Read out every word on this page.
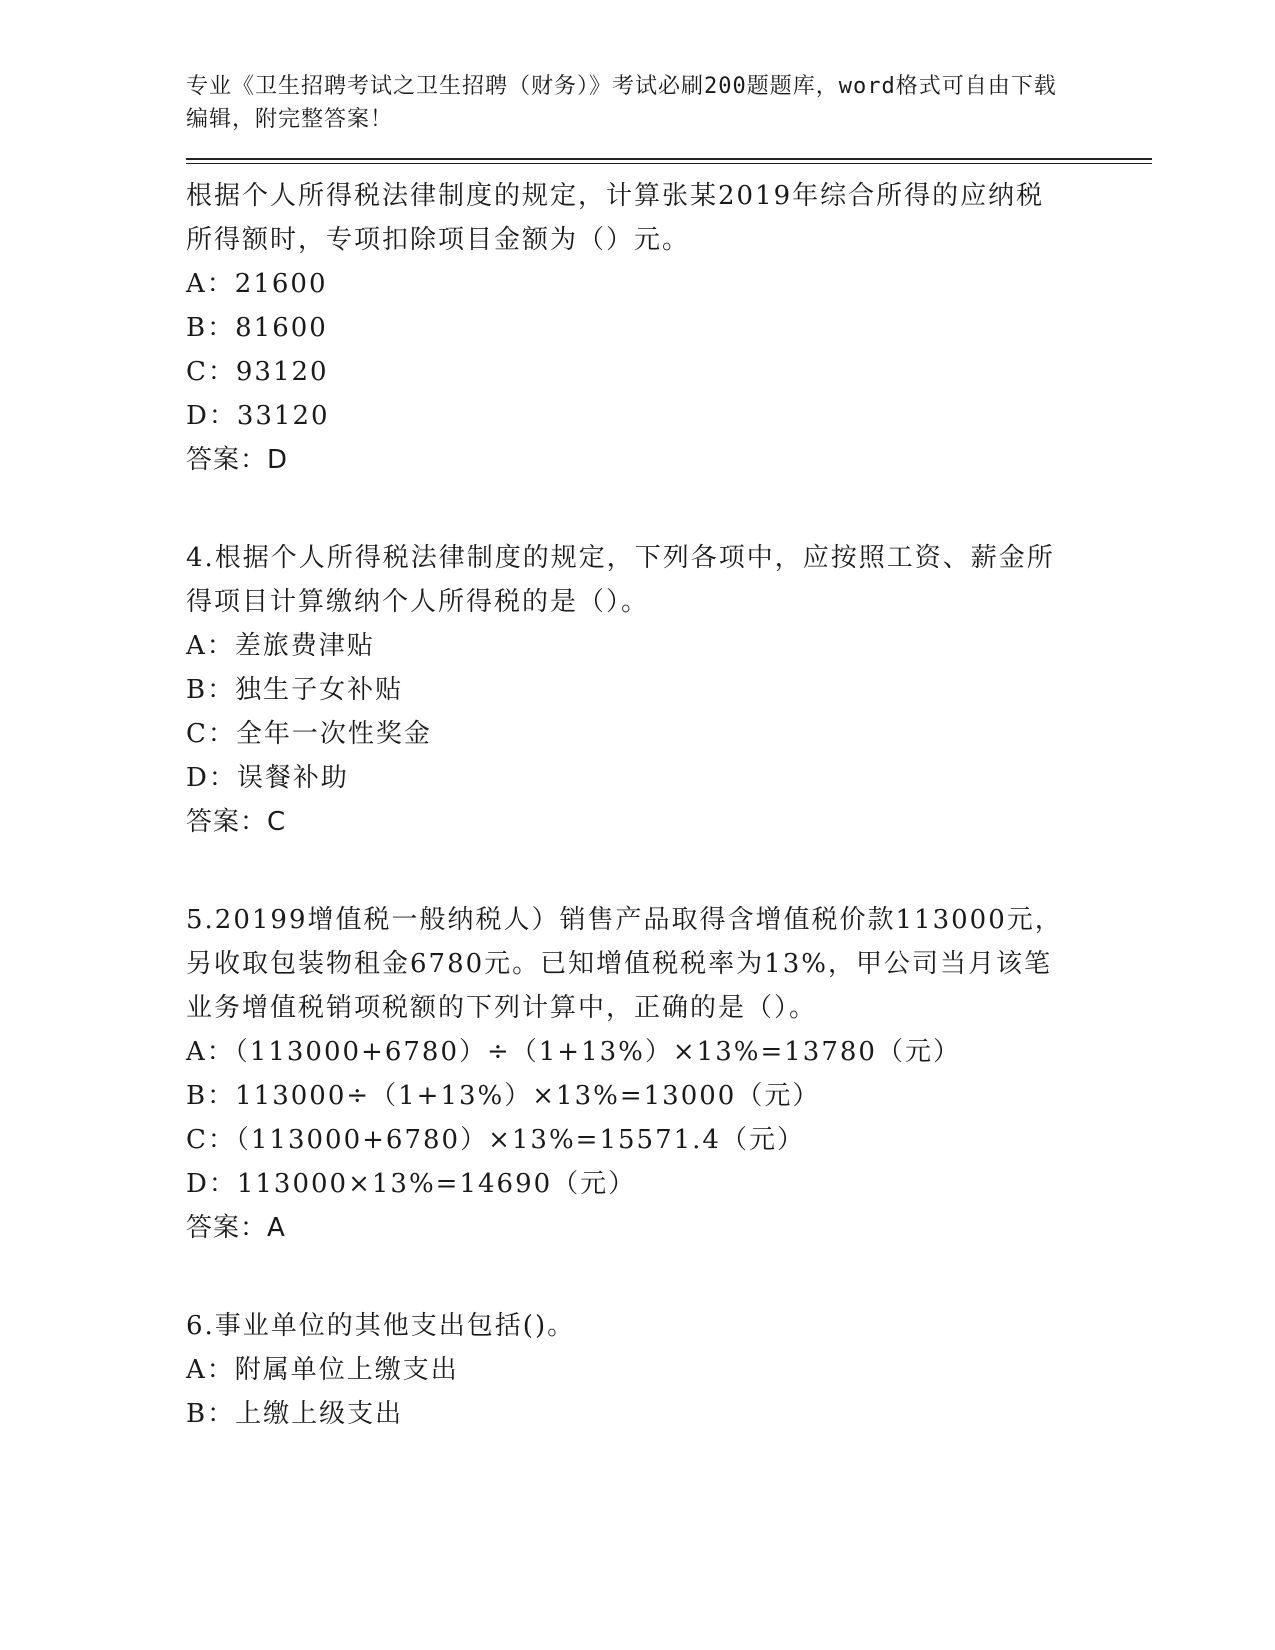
专业《卫生招聘考试之卫生招聘（财务）》考试必刷200题题库，word格式可自由下载编辑，附完整答案！

根据个人所得税法律制度的规定，计算张某2019年综合所得的应纳税所得额时，专项扣除项目金额为（）元。

A：21600

B：81600

C：93120

D：33120

答案：D

4.根据个人所得税法律制度的规定，下列各项中，应按照工资、薪金所得项目计算缴纳个人所得税的是（）。

A：差旅费津贴

B：独生子女补贴

C：全年一次性奖金

D：误餐补助

答案：C

5.20199增值税一般纳税人）销售产品取得含增值税价款113000元，另收取包装物租金6780元。已知增值税税率为13%，甲公司当月该笔业务增值税销项税额的下列计算中，正确的是（）。

A：（113000+6780）÷（1+13%）×13%=13780（元）

B：113000÷（1+13%）×13%=13000（元）

C：（113000+6780）×13%=15571.4（元）

D：113000×13%=14690（元）

答案：A

6.事业单位的其他支出包括()。

A：附属单位上缴支出

B：上缴上级支出
